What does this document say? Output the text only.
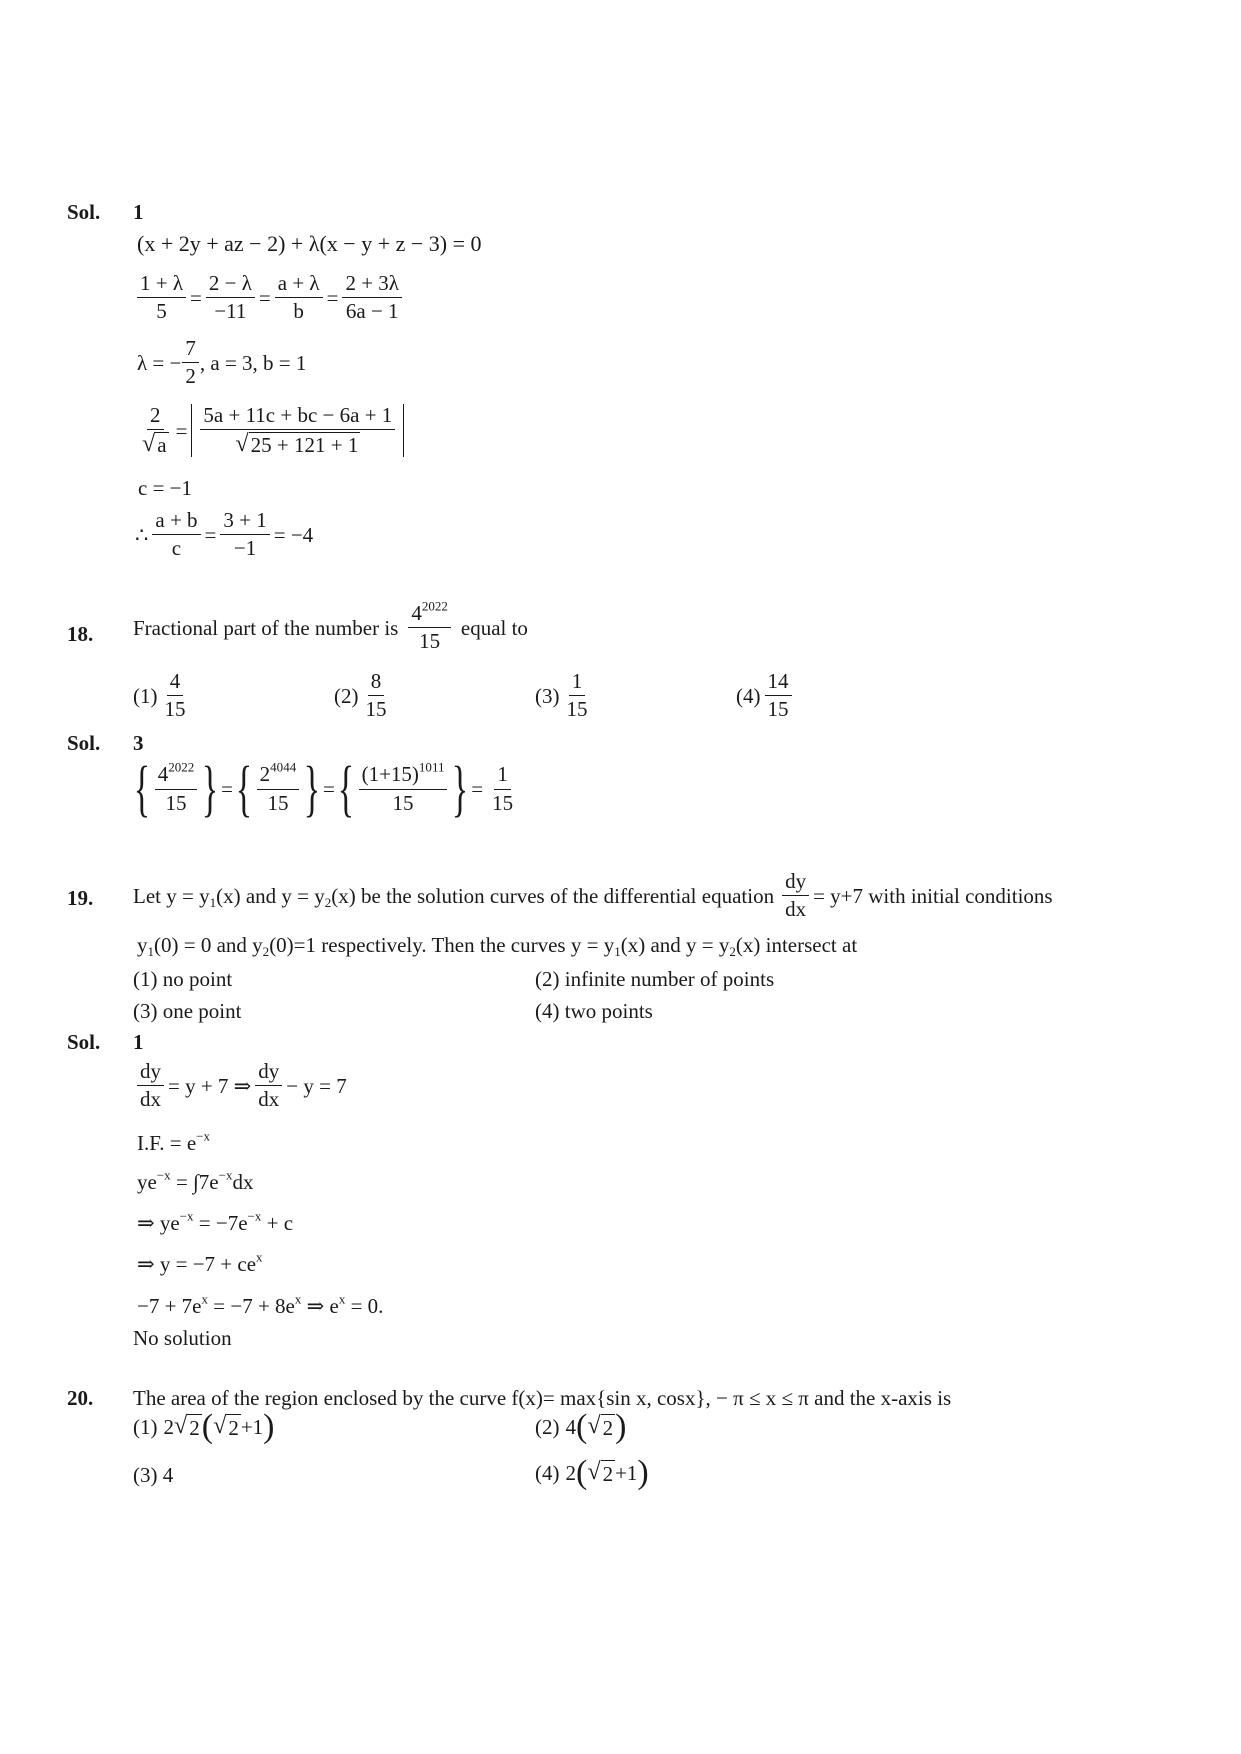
Sol. 1
(x + 2y + az − 2) + λ(x − y + z − 3) = 0
$\frac{1 + \lambda}{5} = \frac{2 - \lambda}{-11} = \frac{a + \lambda}{b} = \frac{2 + 3\lambda}{6a - 1}$
λ = − $\frac{7}{2}$ , a = 3, b = 1
$\frac{2}{√ a} = \frac{5a + 11c + bc - 6a + 1}{√ 25 + 121 + 1}$
c = −1
∴ $\frac{a + b}{c} = \frac{3 + 1}{-1} = -4$
18. Fractional part of the number is $\frac{4^{2022}}{15}$ equal to
$(1) \frac{4}{15}$	$(2) \frac{8}{15}$	$(3) \frac{1}{15}$	$(4) \frac{14}{15}$
Sol. 3
{ $\frac{4^{2022}}{15}$ } = { $\frac{2^{4044}}{15}$ } = { $\frac{(1+15)^{1011}}{15}$ } = $\frac{1}{15}$
19. Let y =
$y_1$ (x) and y =
$y_2$ (x) be the solution curves of the differential equation $\frac{dy}{dx} = y+7$ with initial conditions
$y_1$ (0) = 0 and
$y_2$ (0)=1 respectively. Then the curves y =
$y_1$ (x) and y =
$y_2$ (x) intersect at
(1) no point	(2) infinite number of points
(3) one point	(4) two points
Sol. 1
$\frac{dy}{dx} = y + 7$ ⇒ $\frac{dy}{dx} - y = 7$
I.F. = $e^{-x}$
$ye^{-x} = \int 7e^{-x}dx$
⇒ $ye^{-x} = -7e^{-x} + c$
⇒ $y = -7 + ce^x$
$-7 + 7e^x = -7 + 8e^x$ ⇒ $e^x = 0$.
No solution
20. The area of the region enclosed by the curve f(x)= max{sin x, cosx}, − π ≤ x ≤ π and the x-axis is
(1) 2 √ 2 ( √ 2 +1 )	(2) 4 ( √ 2 )
(3) 4	(4) 2 ( √ 2 +1 )
